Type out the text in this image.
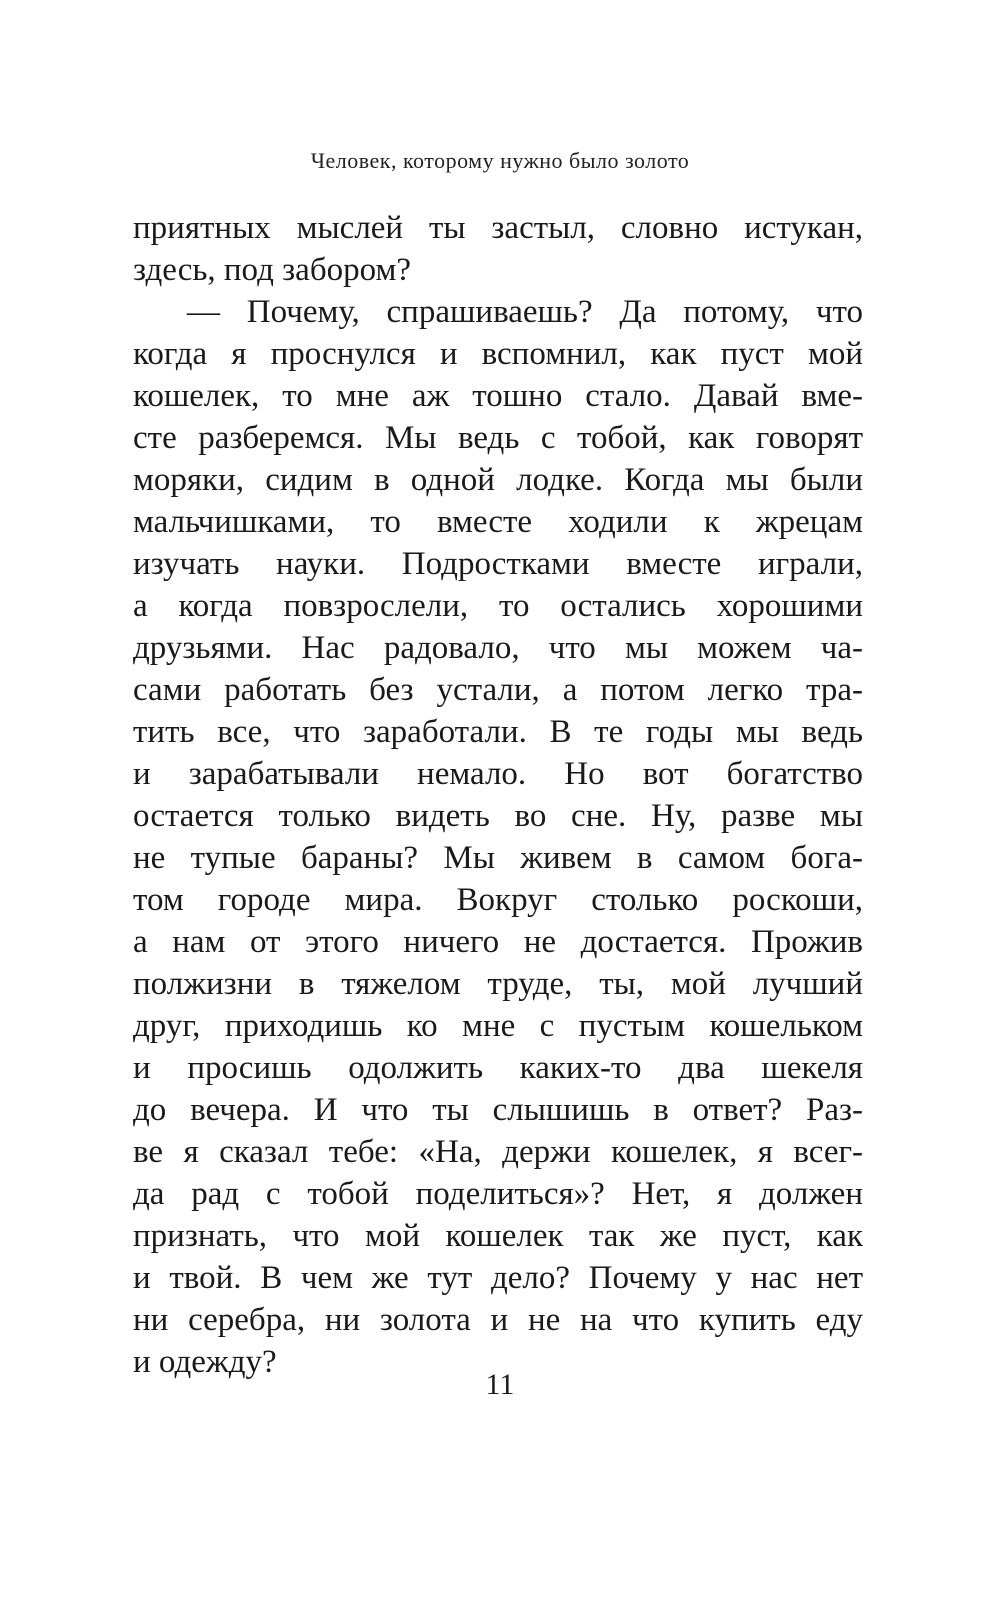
Человек, которому нужно было золото
приятных мыслей ты застыл, словно истукан,
здесь, под забором?
— Почему, спрашиваешь? Да потому, что
когда я проснулся и вспомнил, как пуст мой
кошелек, то мне аж тошно стало. Давай вме-
сте разберемся. Мы ведь с тобой, как говорят
моряки, сидим в одной лодке. Когда мы были
мальчишками, то вместе ходили к жрецам
изучать науки. Подростками вместе играли,
а когда повзрослели, то остались хорошими
друзьями. Нас радовало, что мы можем ча-
сами работать без устали, а потом легко тра-
тить все, что заработали. В те годы мы ведь
и зарабатывали немало. Но вот богатство
остается только видеть во сне. Ну, разве мы
не тупые бараны? Мы живем в самом бога-
том городе мира. Вокруг столько роскоши,
а нам от этого ничего не достается. Прожив
полжизни в тяжелом труде, ты, мой лучший
друг, приходишь ко мне с пустым кошельком
и просишь одолжить каких-то два шекеля
до вечера. И что ты слышишь в ответ? Раз-
ве я сказал тебе: «На, держи кошелек, я всег-
да рад с тобой поделиться»? Нет, я должен
признать, что мой кошелек так же пуст, как
и твой. В чем же тут дело? Почему у нас нет
ни серебра, ни золота и не на что купить еду
и одежду?
11
